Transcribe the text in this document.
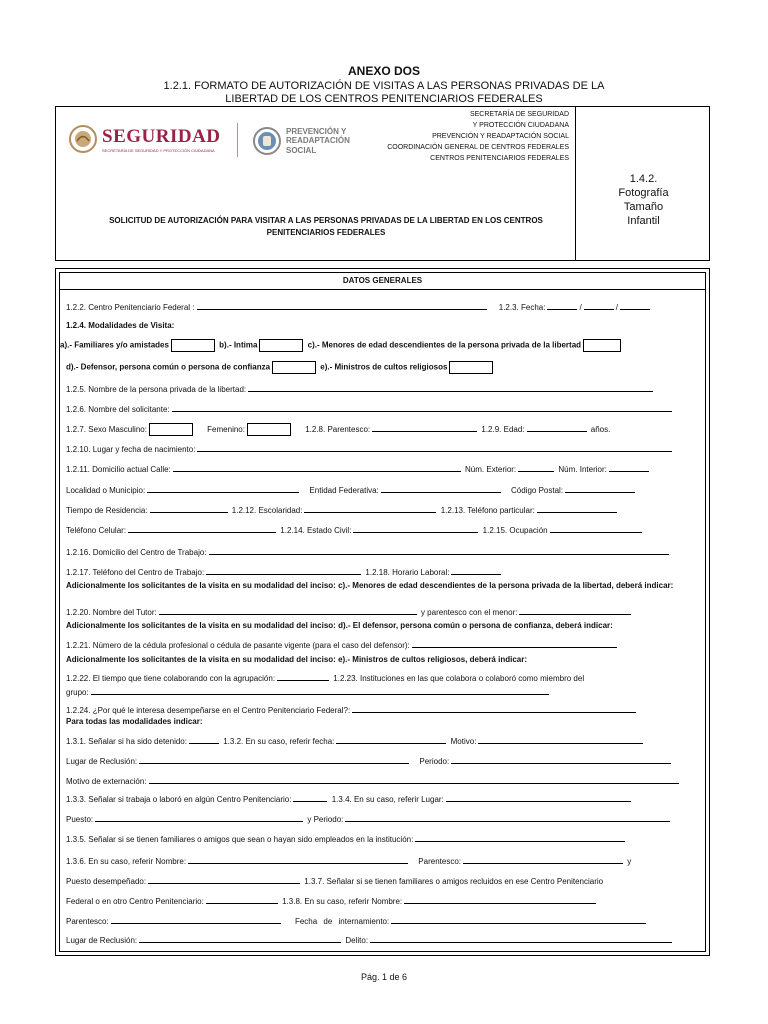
ANEXO DOS
1.2.1. FORMATO DE AUTORIZACIÓN DE VISITAS A LAS PERSONAS PRIVADAS DE LA LIBERTAD DE LOS CENTROS PENITENCIARIOS FEDERALES
SEGURIDAD
SECRETARÍA DE SEGURIDAD Y PROTECCIÓN CIUDADANA
PREVENCIÓN Y READAPTACIÓN SOCIAL
SECRETARÍA DE SEGURIDAD
Y PROTECCIÓN CIUDADANA
PREVENCIÓN Y READAPTACIÓN SOCIAL
COORDINACIÓN GENERAL DE CENTROS FEDERALES
CENTROS PENITENCIARIOS FEDERALES
1.4.2.
Fotografía
Tamaño
Infantil
SOLICITUD DE AUTORIZACIÓN PARA VISITAR A LAS PERSONAS PRIVADAS DE LA LIBERTAD EN LOS CENTROS PENITENCIARIOS FEDERALES
DATOS GENERALES
1.2.2. Centro Penitenciario Federal :	1.2.3. Fecha:	/	/
1.2.4. Modalidades de Visita:
a).- Familiares y/o amistades	b).- Intima	c).- Menores de edad descendientes de la persona privada de la libertad
d).- Defensor, persona común o persona de confianza	e).- Ministros de cultos religiosos
1.2.5. Nombre de la persona privada de la libertad:
1.2.6. Nombre del solicitante:
1.2.7. Sexo Masculino:	Femenino:	1.2.8. Parentesco:	1.2.9. Edad:	años.
1.2.10. Lugar y fecha de nacimiento:
1.2.11. Domicilio actual Calle:	Núm. Exterior:	Núm. Interior:
Localidad o Municipio:	Entidad Federativa:	Código Postal:
Tiempo de Residencia:	1.2.12. Escolaridad:	1.2.13. Teléfono particular:
Teléfono Celular:	1.2.14. Estado Civil:	1.2.15. Ocupación
1.2.16. Domicilio del Centro de Trabajo:
1.2.17. Teléfono del Centro de Trabajo:	1.2.18. Horario Laboral:
Adicionalmente los solicitantes de la visita en su modalidad del inciso: c).- Menores de edad descendientes de la persona privada de la libertad, deberá indicar:
1.2.20. Nombre del Tutor:	y parentesco con el menor:
Adicionalmente los solicitantes de la visita en su modalidad del inciso: d).- El defensor, persona común o persona de confianza, deberá indicar:
1.2.21. Número de la cédula profesional o cédula de pasante vigente (para el caso del defensor):
Adicionalmente los solicitantes de la visita en su modalidad del inciso: e).- Ministros de cultos religiosos, deberá indicar:
1.2.22. El tiempo que tiene colaborando con la agrupación:	1.2.23. Instituciones en las que colabora o colaboró como miembro del
grupo:
1.2.24. ¿Por qué le interesa desempeñarse en el Centro Penitenciario Federal?:
Para todas las modalidades indicar:
1.3.1. Señalar si ha sido detenido:	1.3.2. En su caso, referir fecha:	Motivo:
Lugar de Reclusión:	Periodo:
Motivo de externación:
1.3.3. Señalar si trabaja o laboró en algún Centro Penitenciario:	1.3.4. En su caso, referir Lugar:
Puesto:	y Periodo:
1.3.5. Señalar si se tienen familiares o amigos que sean o hayan sido empleados en la institución:
1.3.6. En su caso, referir Nombre:	Parentesco:	y
Puesto desempeñado:	1.3.7. Señalar si se tienen familiares o amigos recluidos en ese Centro Penitenciario
Federal o en otro Centro Penitenciario:	1.3.8. En su caso, referir Nombre:
Parentesco:	Fecha de internamiento:
Lugar de Reclusión:	Delito:
Pág. 1 de 6
